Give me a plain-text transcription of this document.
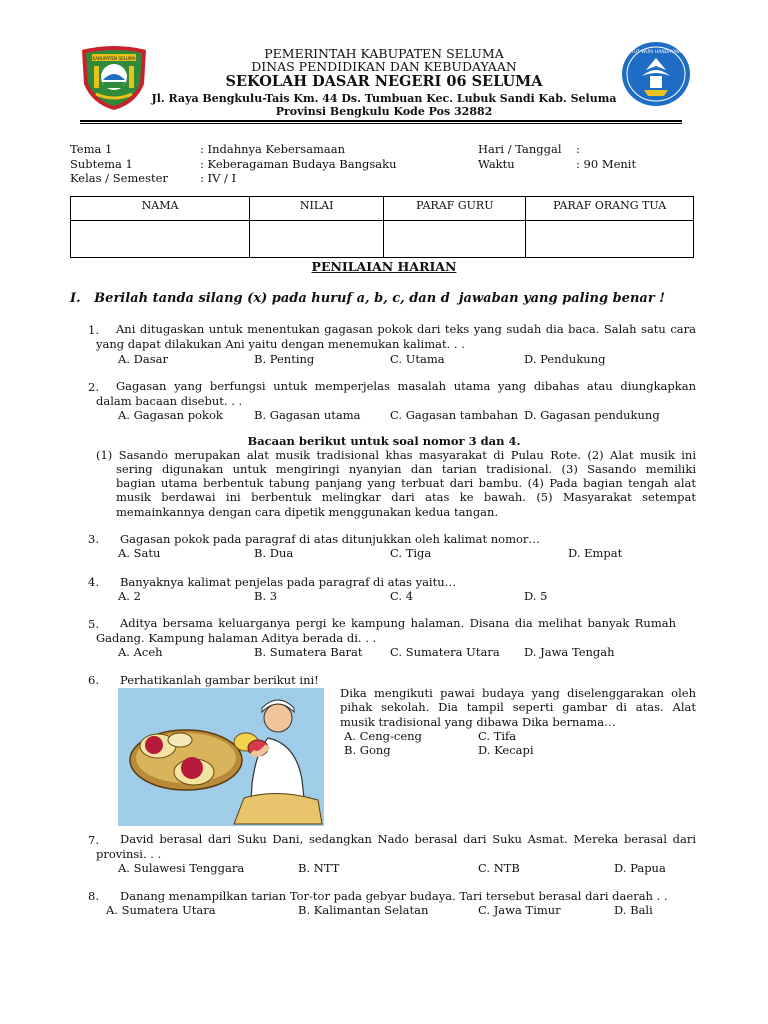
KABUPATEN SELUMA
TUT WURI HANDAYANI
PEMERINTAH KABUPATEN SELUMA
DINAS PENDIDIKAN DAN KEBUDAYAAN
SEKOLAH DASAR NEGERI 06 SELUMA
Jl. Raya Bengkulu-Tais Km. 44 Ds. Tumbuan Kec. Lubuk Sandi Kab. Seluma
Provinsi Bengkulu Kode Pos 32882
Tema 1	: Indahnya Kebersamaan
Subtema 1	: Keberagaman Budaya Bangsaku
Kelas / Semester	: IV / I
Hari / Tanggal :
Waktu	: 90 Menit
NAMA	NILAI	PARAF GURU	PARAF ORANG TUA

PENILAIAN HARIAN
I.   Berilah tanda silang (x) pada huruf a, b, c, dan d  jawaban yang paling benar !
1. Ani ditugaskan untuk menentukan gagasan pokok dari teks yang sudah dia baca. Salah satu cara
yang dapat dilakukan Ani yaitu dengan menemukan kalimat. . .
A. Dasar	B. Penting	C. Utama	D. Pendukung
2. Gagasan yang berfungsi untuk memperjelas masalah utama yang dibahas atau diungkapkan
dalam bacaan disebut. . .
A. Gagasan pokok	B. Gagasan utama	C. Gagasan tambahan D. Gagasan pendukung
Bacaan berikut untuk soal nomor 3 dan 4.
(1) Sasando merupakan alat musik tradisional khas masyarakat di Pulau Rote. (2) Alat musik ini
sering digunakan untuk mengiringi nyanyian dan tarian tradisional. (3) Sasando memiliki
bagian utama berbentuk tabung panjang yang terbuat dari bambu. (4) Pada bagian tengah alat
musik berdawai ini berbentuk melingkar dari atas ke bawah. (5) Masyarakat setempat
memainkannya dengan cara dipetik menggunakan kedua tangan.
3. Gagasan pokok pada paragraf di atas ditunjukkan oleh kalimat nomor…
A. Satu	B. Dua	C. Tiga	D. Empat
4. Banyaknya kalimat penjelas pada paragraf di atas yaitu…
A. 2	B. 3	C. 4	D. 5
5. Aditya bersama keluarganya pergi ke kampung halaman. Disana dia melihat banyak Rumah
Gadang. Kampung halaman Aditya berada di. . .
A. Aceh	B. Sumatera Barat C. Sumatera Utara D. Jawa Tengah
6. Perhatikanlah gambar berikut ini!
Dika mengikuti pawai budaya yang diselenggarakan oleh
pihak sekolah. Dia tampil seperti gambar di atas. Alat
musik tradisional yang dibawa Dika bernama…
A. Ceng-ceng	C. Tifa
B. Gong	D. Kecapi
7. David berasal dari Suku Dani, sedangkan Nado berasal dari Suku Asmat. Mereka berasal dari
provinsi. . .
A. Sulawesi Tenggara	B. NTT	C. NTB	D. Papua
8. Danang menampilkan tarian Tor-tor pada gebyar budaya. Tari tersebut berasal dari daerah . .
A. Sumatera Utara	B. Kalimantan Selatan	C. Jawa Timur	D. Bali
